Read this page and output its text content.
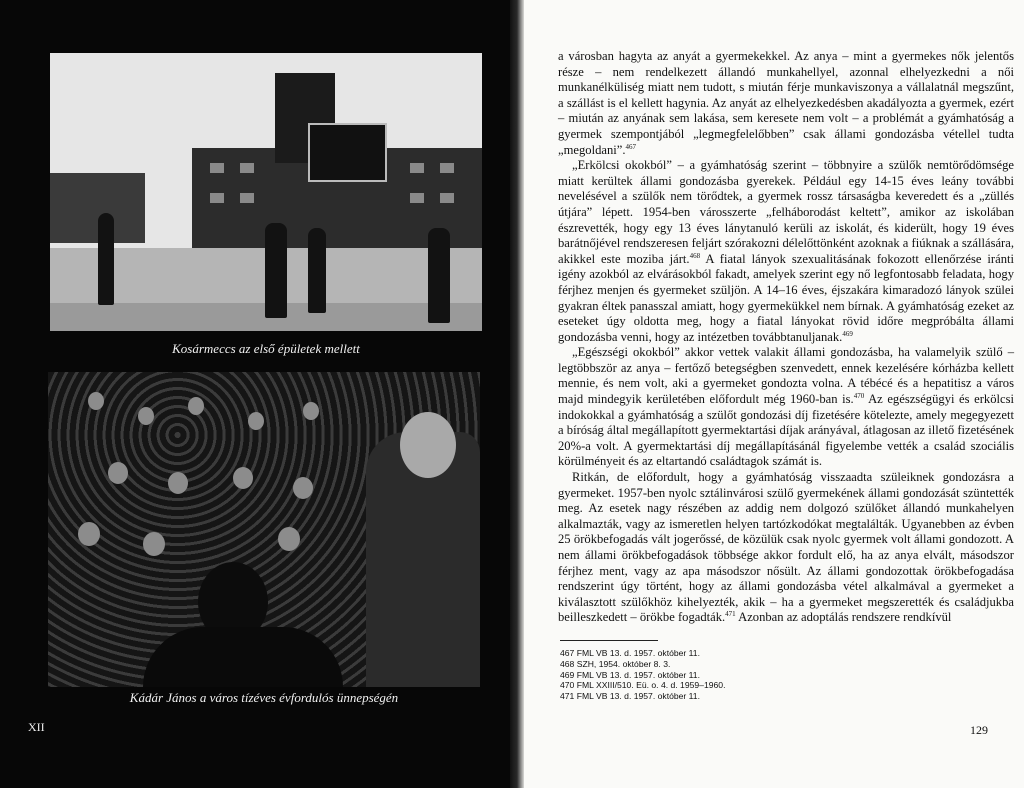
Kosármeccs az első épületek mellett
Kádár János a város tízéves évfordulós ünnepségén
XII

a városban hagyta az anyát a gyermekekkel. Az anya – mint a gyermekes nők jelentős része – nem rendelkezett állandó munkahellyel, azonnal elhelyezkedni a női munkanélküliség miatt nem tudott, s miután férje munkaviszonya a vállalatnál megszűnt, a szállást is el kellett hagynia. Az anyát az elhelyezkedésben akadályozta a gyermek, ezért – miután az anyának sem lakása, sem keresete nem volt – a problémát a gyámhatóság a gyermek szempontjából „legmegfelelőbben” csak állami gondozásba vétellel tudta „megoldani”.$^{467}$

„Erkölcsi okokból” – a gyámhatóság szerint – többnyire a szülők nemtörődömsége miatt kerültek állami gondozásba gyerekek. Például egy 14-15 éves leány további nevelésével a szülők nem törődtek, a gyermek rossz társaságba keveredett és a „züllés útjára” lépett. 1954-ben városszerte „felháborodást keltett”, amikor az iskolában észrevették, hogy egy 13 éves lánytanuló kerüli az iskolát, és kiderült, hogy 19 éves barátnőjével rendszeresen feljárt szórakozni délelőttönként azoknak a fiúknak a szállására, akikkel este moziba járt.$^{468}$ A fiatal lányok szexualitásának fokozott ellenőrzése iránti igény azokból az elvárásokból fakadt, amelyek szerint egy nő legfontosabb feladata, hogy férjhez menjen és gyermeket szüljön. A 14–16 éves, éjszakára kimaradozó lányok szülei gyakran éltek panasszal amiatt, hogy gyermekükkel nem bírnak. A gyámhatóság ezeket az eseteket úgy oldotta meg, hogy a fiatal lányokat rövid időre megpróbálta állami gondozásba venni, hogy az intézetben továbbtanuljanak.$^{469}$

„Egészségi okokból” akkor vettek valakit állami gondozásba, ha valamelyik szülő – legtöbbször az anya – fertőző betegségben szenvedett, ennek kezelésére kórházba kellett mennie, és nem volt, aki a gyermeket gondozta volna. A tébécé és a hepatitisz a város majd mindegyik kerületében előfordult még 1960-ban is.$^{470}$ Az egészségügyi és erkölcsi indokokkal a gyámhatóság a szülőt gondozási díj fizetésére kötelezte, amely megegyezett a bíróság által megállapított gyermektartási díjak arányával, átlagosan az illető fizetésének 20%-a volt. A gyermektartási díj megállapításánál figyelembe vették a család szociális körülményeit és az eltartandó családtagok számát is.

Ritkán, de előfordult, hogy a gyámhatóság visszaadta szüleiknek gondozásra a gyermeket. 1957-ben nyolc sztálinvárosi szülő gyermekének állami gondozását szüntették meg. Az esetek nagy részében az addig nem dolgozó szülőket állandó munkahelyen alkalmazták, vagy az ismeretlen helyen tartózkodókat megtalálták. Ugyanebben az évben 25 örökbefogadás vált jogerőssé, de közülük csak nyolc gyermek volt állami gondozott. A nem állami örökbefogadások többsége akkor fordult elő, ha az anya elvált, másodszor férjhez ment, vagy az apa másodszor nősült. Az állami gondozottak örökbefogadása rendszerint úgy történt, hogy az állami gondozásba vétel alkalmával a gyermeket a kiválasztott szülőkhöz kihelyezték, akik – ha a gyermeket megszerették és családjukba beilleszkedett – örökbe fogadták.$^{471}$ Azonban az adoptálás rendszere rendkívül

467 FML VB 13. d. 1957. október 11.
468 SZH, 1954. október 8. 3.
469 FML VB 13. d. 1957. október 11.
470 FML XXIII/510. Eü. o. 4. d. 1959–1960.
471 FML VB 13. d. 1957. október 11.
129
